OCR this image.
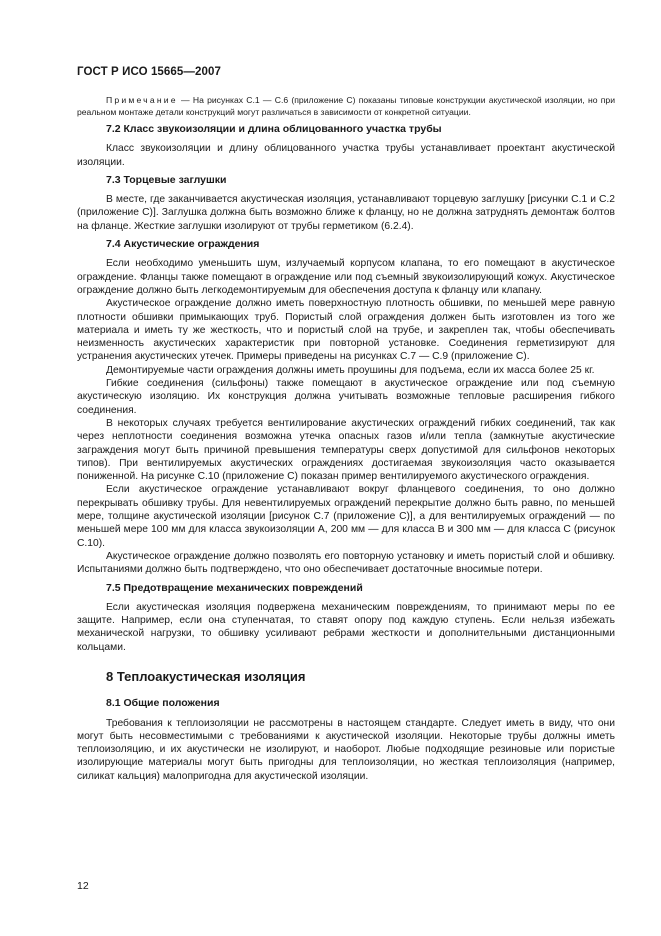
ГОСТ Р ИСО 15665—2007

Примечание — На рисунках С.1 — С.6 (приложение С) показаны типовые конструкции акустической изоляции, но при реальном монтаже детали конструкций могут различаться в зависимости от конкретной ситуации.

7.2 Класс звукоизоляции и длина облицованного участка трубы

Класс звукоизоляции и длину облицованного участка трубы устанавливает проектант акустической изоляции.

7.3 Торцевые заглушки

В месте, где заканчивается акустическая изоляция, устанавливают торцевую заглушку [рисунки С.1 и С.2 (приложение С)]. Заглушка должна быть возможно ближе к фланцу, но не должна затруднять демонтаж болтов на фланце. Жесткие заглушки изолируют от трубы герметиком (6.2.4).

7.4 Акустические ограждения

Если необходимо уменьшить шум, излучаемый корпусом клапана, то его помещают в акустическое ограждение. Фланцы также помещают в ограждение или под съемный звукоизолирующий кожух. Акустическое ограждение должно быть легкодемонтируемым для обеспечения доступа к фланцу или клапану.

Акустическое ограждение должно иметь поверхностную плотность обшивки, по меньшей мере равную плотности обшивки примыкающих труб. Пористый слой ограждения должен быть изготовлен из того же материала и иметь ту же жесткость, что и пористый слой на трубе, и закреплен так, чтобы обеспечивать неизменность акустических характеристик при повторной установке. Соединения герметизируют для устранения акустических утечек. Примеры приведены на рисунках С.7 — С.9 (приложение С).

Демонтируемые части ограждения должны иметь проушины для подъема, если их масса более 25 кг.

Гибкие соединения (сильфоны) также помещают в акустическое ограждение или под съемную акустическую изоляцию. Их конструкция должна учитывать возможные тепловые расширения гибкого соединения.

В некоторых случаях требуется вентилирование акустических ограждений гибких соединений, так как через неплотности соединения возможна утечка опасных газов и/или тепла (замкнутые акустические заграждения могут быть причиной превышения температуры сверх допустимой для сильфонов некоторых типов). При вентилируемых акустических ограждениях достигаемая звукоизоляция часто оказывается пониженной. На рисунке С.10 (приложение С) показан пример вентилируемого акустического ограждения.

Если акустическое ограждение устанавливают вокруг фланцевого соединения, то оно должно перекрывать обшивку трубы. Для невентилируемых ограждений перекрытие должно быть равно, по меньшей мере, толщине акустической изоляции [рисунок С.7 (приложение С)], а для вентилируемых ограждений — по меньшей мере 100 мм для класса звукоизоляции А, 200 мм — для класса В и 300 мм — для класса С (рисунок С.10).

Акустическое ограждение должно позволять его повторную установку и иметь пористый слой и обшивку. Испытаниями должно быть подтверждено, что оно обеспечивает достаточные вносимые потери.

7.5 Предотвращение механических повреждений

Если акустическая изоляция подвержена механическим повреждениям, то принимают меры по ее защите. Например, если она ступенчатая, то ставят опору под каждую ступень. Если нельзя избежать механической нагрузки, то обшивку усиливают ребрами жесткости и дополнительными дистанционными кольцами.

8 Теплоакустическая изоляция
8.1 Общие положения

Требования к теплоизоляции не рассмотрены в настоящем стандарте. Следует иметь в виду, что они могут быть несовместимыми с требованиями к акустической изоляции. Некоторые трубы должны иметь теплоизоляцию, и их акустически не изолируют, и наоборот. Любые подходящие резиновые или пористые изолирующие материалы могут быть пригодны для теплоизоляции, но жесткая теплоизоляция (например, силикат кальция) малопригодна для акустической изоляции.

12
